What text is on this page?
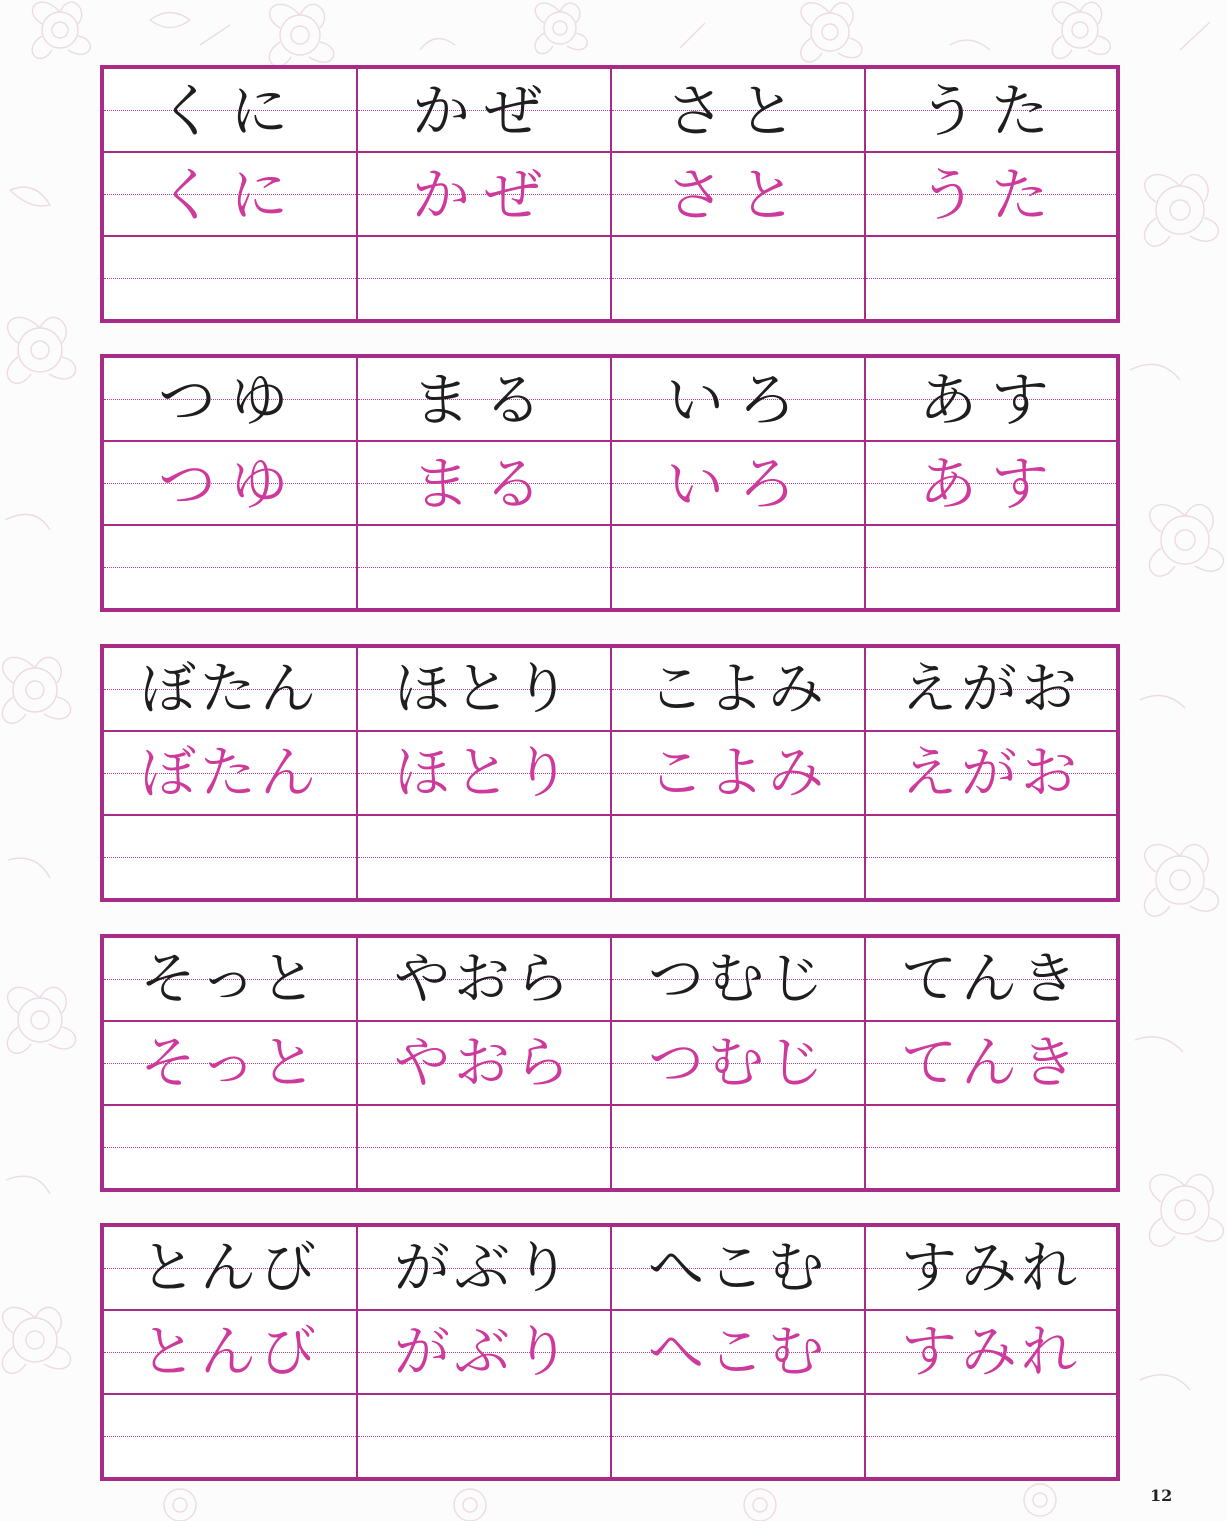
くに
くに
かぜ
かぜ
さと
さと
うた
うた
つゆ
つゆ
まる
まる
いろ
いろ
あす
あす
ぼたん
ぼたん
ほとり
ほとり
こよみ
こよみ
えがお
えがお
そっと
そっと
やおら
やおら
つむじ
つむじ
てんき
てんき
とんび
とんび
がぶり
がぶり
へこむ
へこむ
すみれ
すみれ
12
